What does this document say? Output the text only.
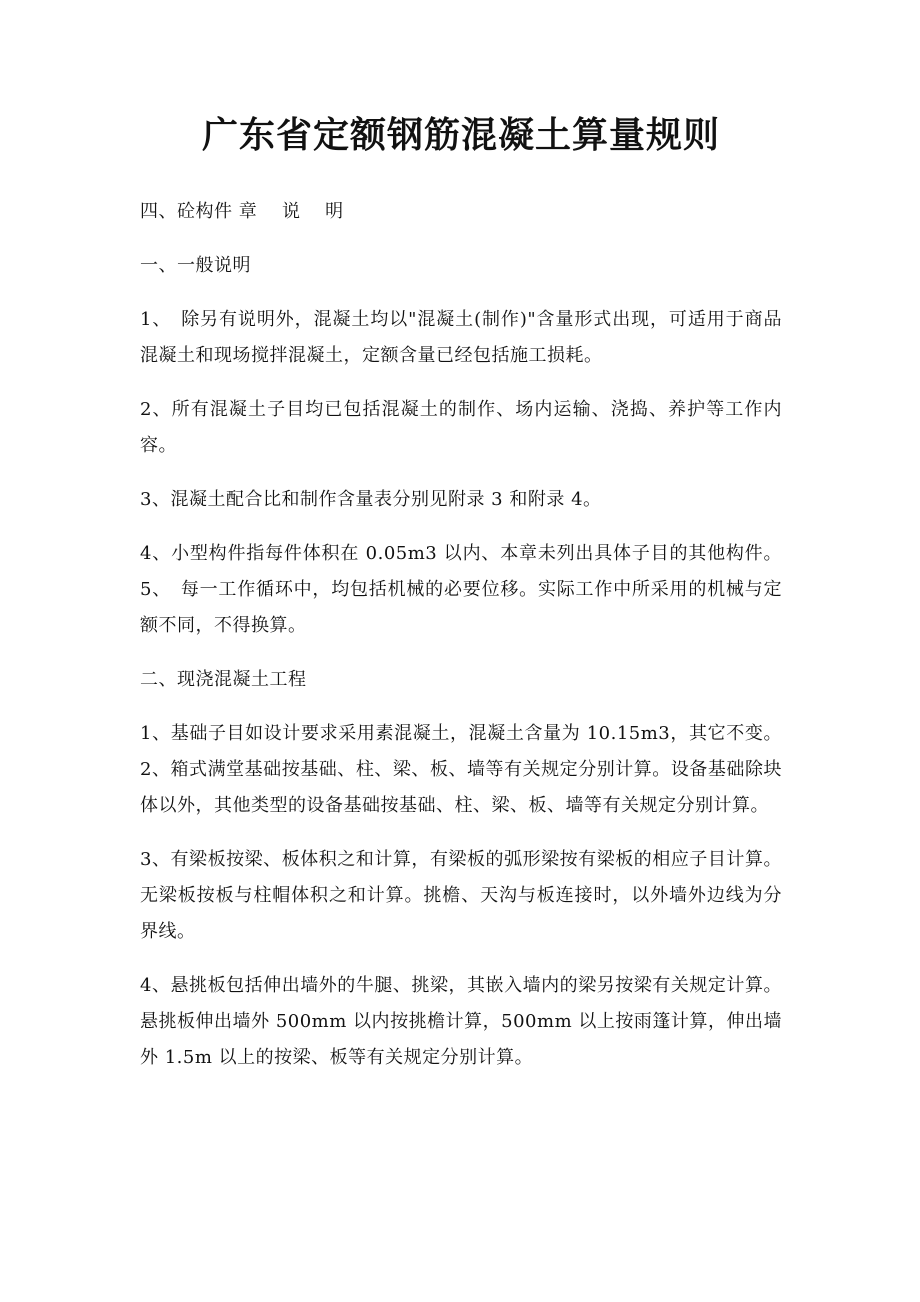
广东省定额钢筋混凝土算量规则

四、砼构件 章　 说　 明

一、一般说明

1、　除另有说明外，混凝土均以"混凝土(制作)"含量形式出现，可适用于商品混凝土和现场搅拌混凝土，定额含量已经包括施工损耗。

2、所有混凝土子目均已包括混凝土的制作、场内运输、浇捣、养护等工作内容。

3、混凝土配合比和制作含量表分别见附录 3 和附录 4。

4、小型构件指每件体积在 0.05m3 以内、本章未列出具体子目的其他构件。 5、　每一工作循环中，均包括机械的必要位移。实际工作中所采用的机械与定额不同，不得换算。

二、现浇混凝土工程

1、基础子目如设计要求采用素混凝土，混凝土含量为 10.15m3，其它不变。 2、箱式满堂基础按基础、柱、梁、板、墙等有关规定分别计算。设备基础除块体以外，其他类型的设备基础按基础、柱、梁、板、墙等有关规定分别计算。

3、有梁板按梁、板体积之和计算，有梁板的弧形梁按有梁板的相应子目计算。无梁板按板与柱帽体积之和计算。挑檐、天沟与板连接时，以外墙外边线为分界线。

4、悬挑板包括伸出墙外的牛腿、挑梁，其嵌入墙内的梁另按梁有关规定计算。悬挑板伸出墙外 500mm 以内按挑檐计算，500mm 以上按雨篷计算，伸出墙外 1.5m 以上的按梁、板等有关规定分别计算。
